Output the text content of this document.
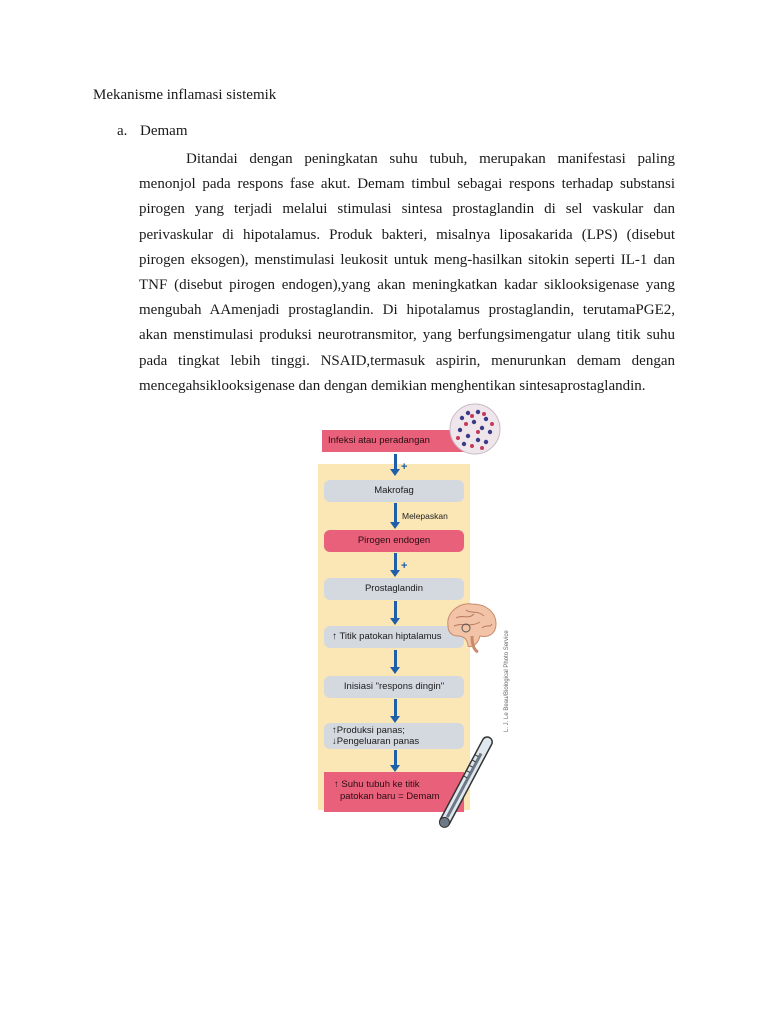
Mekanisme inflamasi sistemik
a. Demam

Ditandai dengan peningkatan suhu tubuh, merupakan manifestasi paling menonjol pada respons fase akut. Demam timbul sebagai respons terhadap substansi pirogen yang terjadi melalui stimulasi sintesa prostaglandin di sel vaskular dan perivaskular di hipotalamus. Produk bakteri, misalnya liposakarida (LPS) (disebut pirogen eksogen), menstimulasi leukosit untuk meng-hasilkan sitokin seperti IL-1 dan TNF (disebut pirogen endogen),yang akan meningkatkan kadar siklooksigenase yang mengubah AAmenjadi prostaglandin. Di hipotalamus prostaglandin, terutamaPGE2, akan menstimulasi produksi neurotransmitor, yang berfungsimengatur ulang titik suhu pada tingkat lebih tinggi. NSAID,termasuk aspirin, menurunkan demam dengan mencegahsiklooksigenase dan dengan demikian menghentikan sintesaprostaglandin.

Infeksi atau peradangan
+
Makrofag
Melepaskan
Pirogen endogen
+
Prostaglandin
↑ Titik patokan hiptalamus
Inisiasi "respons dingin"
↑Produksi panas;
↓Pengeluaran panas
↑ Suhu tubuh ke titik
patokan baru = Demam
L. J. Le Beau/Biological Photo Service
